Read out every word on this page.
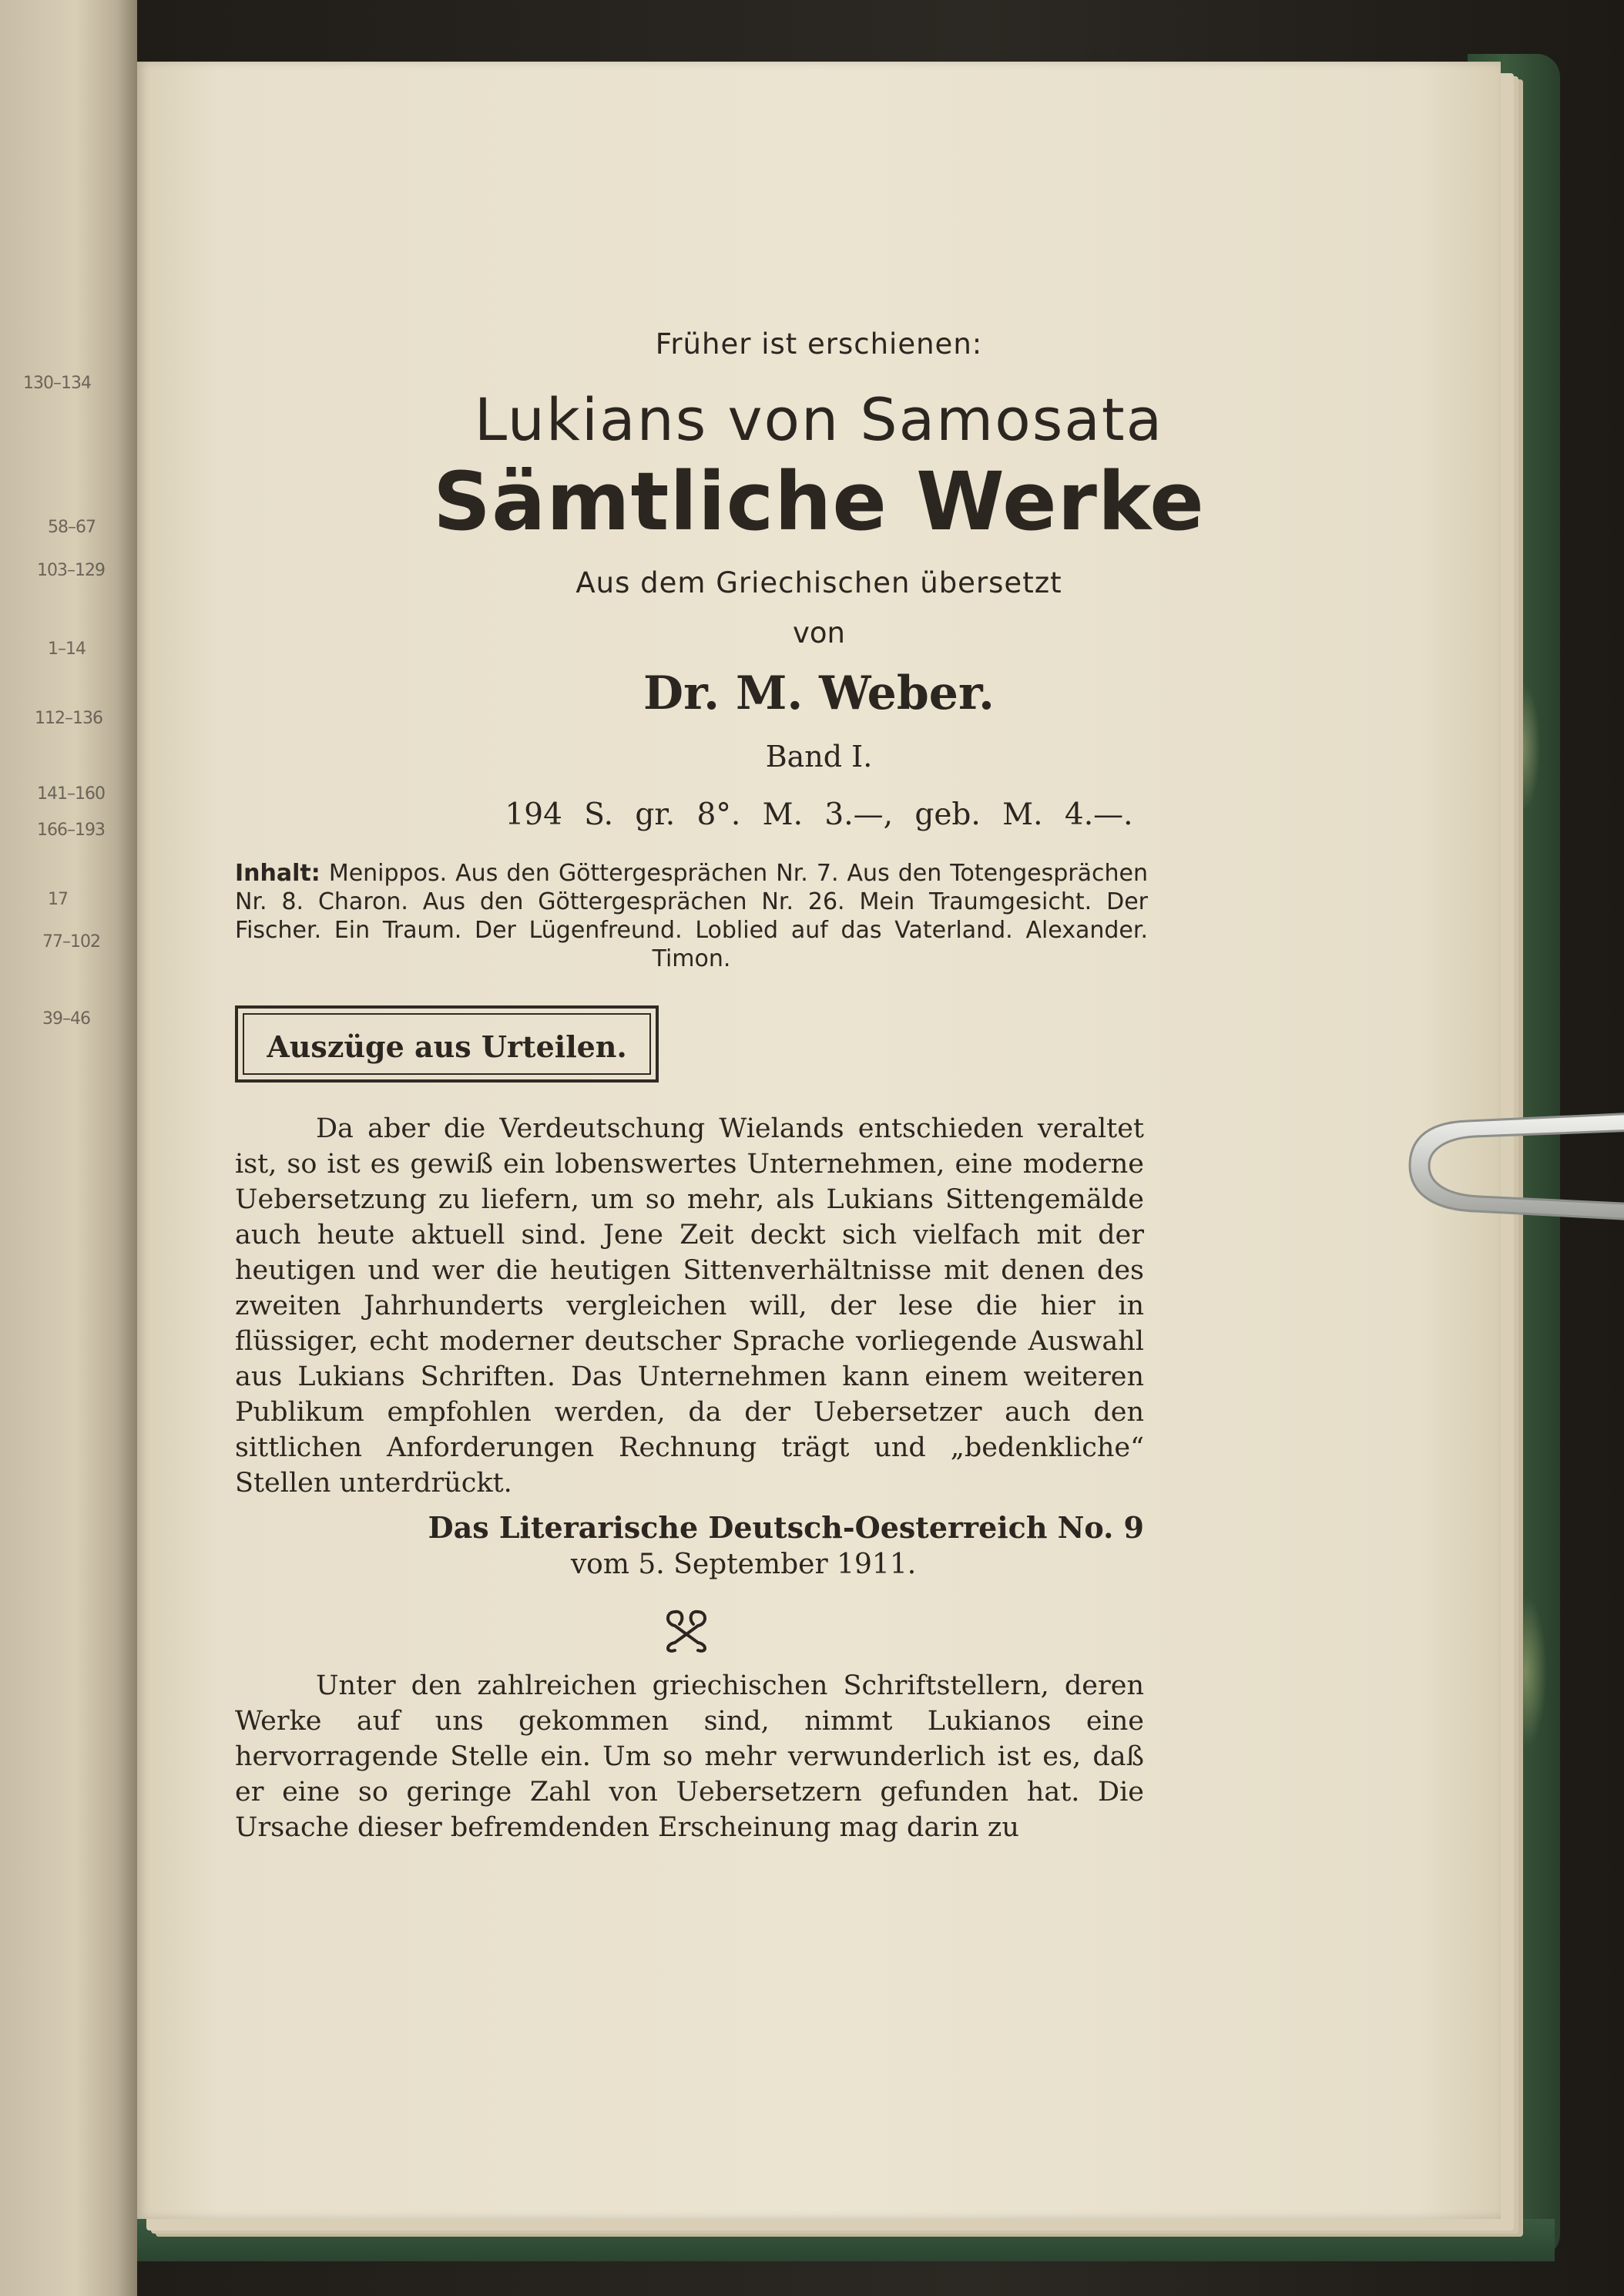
130–134
58–67
103–129
1–14
112–136
141–160
166–193
17
77–102
39–46
Früher ist erschienen:
Lukians von Samosata
Sämtliche Werke
Aus dem Griechischen übersetzt
von
Dr. M. Weber.
Band I.
194 S. gr. 8°. M. 3.—, geb. M. 4.—.
Inhalt: Menippos. Aus den Göttergesprächen Nr. 7. Aus den Totengesprächen Nr. 8. Charon. Aus den Göttergesprächen Nr. 26. Mein Traumgesicht. Der Fischer. Ein Traum. Der Lügenfreund. Loblied auf das Vaterland. Alexander. Timon.
Auszüge aus Urteilen.
Da aber die Verdeutschung Wielands entschieden veraltet ist, so ist es gewiß ein lobenswertes Unternehmen, eine moderne Uebersetzung zu liefern, um so mehr, als Lukians Sittengemälde auch heute aktuell sind. Jene Zeit deckt sich vielfach mit der heutigen und wer die heutigen Sittenverhältnisse mit denen des zweiten Jahrhunderts vergleichen will, der lese die hier in flüssiger, echt moderner deutscher Sprache vorliegende Auswahl aus Lukians Schriften. Das Unternehmen kann einem weiteren Publikum empfohlen werden, da der Uebersetzer auch den sittlichen Anforderungen Rechnung trägt und „bedenkliche“ Stellen unterdrückt.
Das Literarische Deutsch-Oesterreich No. 9
vom 5. September 1911.
Unter den zahlreichen griechischen Schriftstellern, deren Werke auf uns gekommen sind, nimmt Lukianos eine hervorragende Stelle ein. Um so mehr verwunderlich ist es, daß er eine so geringe Zahl von Uebersetzern gefunden hat. Die Ursache dieser befremdenden Erscheinung mag darin zu
